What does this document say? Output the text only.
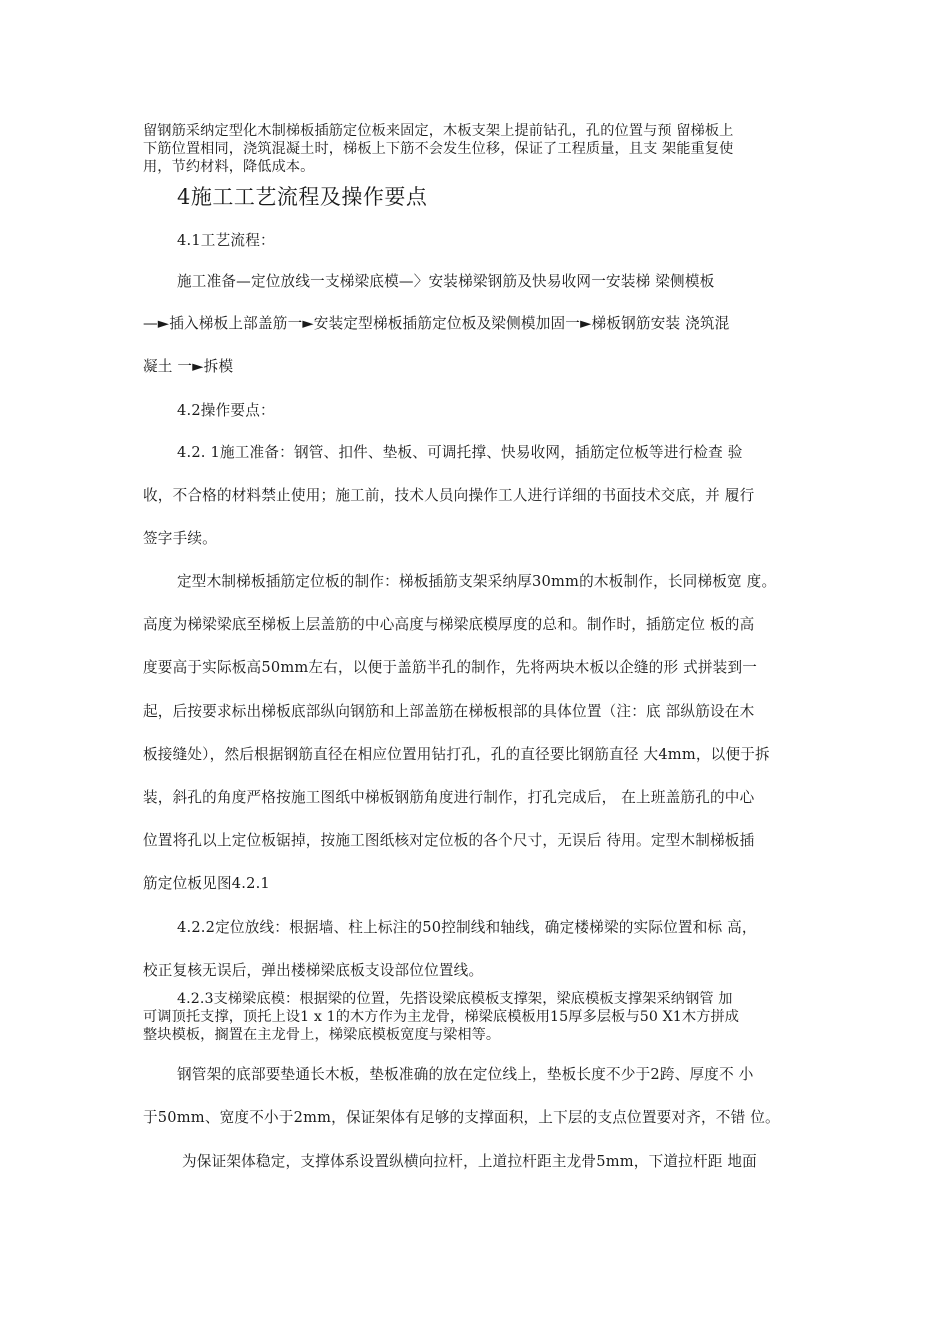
留钢筋采纳定型化木制梯板插筋定位板来固定，木板支架上提前钻孔，孔的位置与预 留梯板上
下筋位置相同，浇筑混凝土时，梯板上下筋不会发生位移，保证了工程质量，且支 架能重复使
用，节约材料，降低成本。
4施工工艺流程及操作要点
4.1工艺流程：
施工准备—定位放线一支梯梁底模—〉安装梯梁钢筋及快易收网一安装梯 梁侧模板
—►插入梯板上部盖筋一►安装定型梯板插筋定位板及梁侧模加固一►梯板钢筋安装 浇筑混
凝土 一►拆模
4.2操作要点：
4.2. 1施工准备：钢管、扣件、垫板、可调托撑、快易收网，插筋定位板等进行检查 验
收，不合格的材料禁止使用；施工前，技术人员向操作工人进行详细的书面技术交底，并 履行
签字手续。
定型木制梯板插筋定位板的制作：梯板插筋支架采纳厚30mm的木板制作，长同梯板宽 度。
高度为梯梁梁底至梯板上层盖筋的中心高度与梯梁底模厚度的总和。制作时，插筋定位 板的高
度要高于实际板高50mm左右，以便于盖筋半孔的制作，先将两块木板以企缝的形 式拼装到一
起，后按要求标出梯板底部纵向钢筋和上部盖筋在梯板根部的具体位置（注：底 部纵筋设在木
板接缝处），然后根据钢筋直径在相应位置用钻打孔，孔的直径要比钢筋直径 大4mm，以便于拆
装，斜孔的角度严格按施工图纸中梯板钢筋角度进行制作，打孔完成后， 在上班盖筋孔的中心
位置将孔以上定位板锯掉，按施工图纸核对定位板的各个尺寸，无误后 待用。定型木制梯板插
筋定位板见图4.2.1
4.2.2定位放线：根据墙、柱上标注的50控制线和轴线，确定楼梯梁的实际位置和标 高，
校正复核无误后，弹出楼梯梁底板支设部位位置线。
4.2.3支梯梁底模：根据梁的位置，先搭设梁底模板支撑架，梁底模板支撑架采纳钢管 加
可调顶托支撑，顶托上设1 x 1的木方作为主龙骨，梯梁底模板用15厚多层板与50 X1木方拼成
整块模板，搁置在主龙骨上，梯梁底模板宽度与梁相等。
钢管架的底部要垫通长木板，垫板准确的放在定位线上，垫板长度不少于2跨、厚度不 小
于50mm、宽度不小于2mm，保证架体有足够的支撑面积，上下层的支点位置要对齐，不错 位。
为保证架体稳定，支撑体系设置纵横向拉杆，上道拉杆距主龙骨5mm，下道拉杆距 地面
